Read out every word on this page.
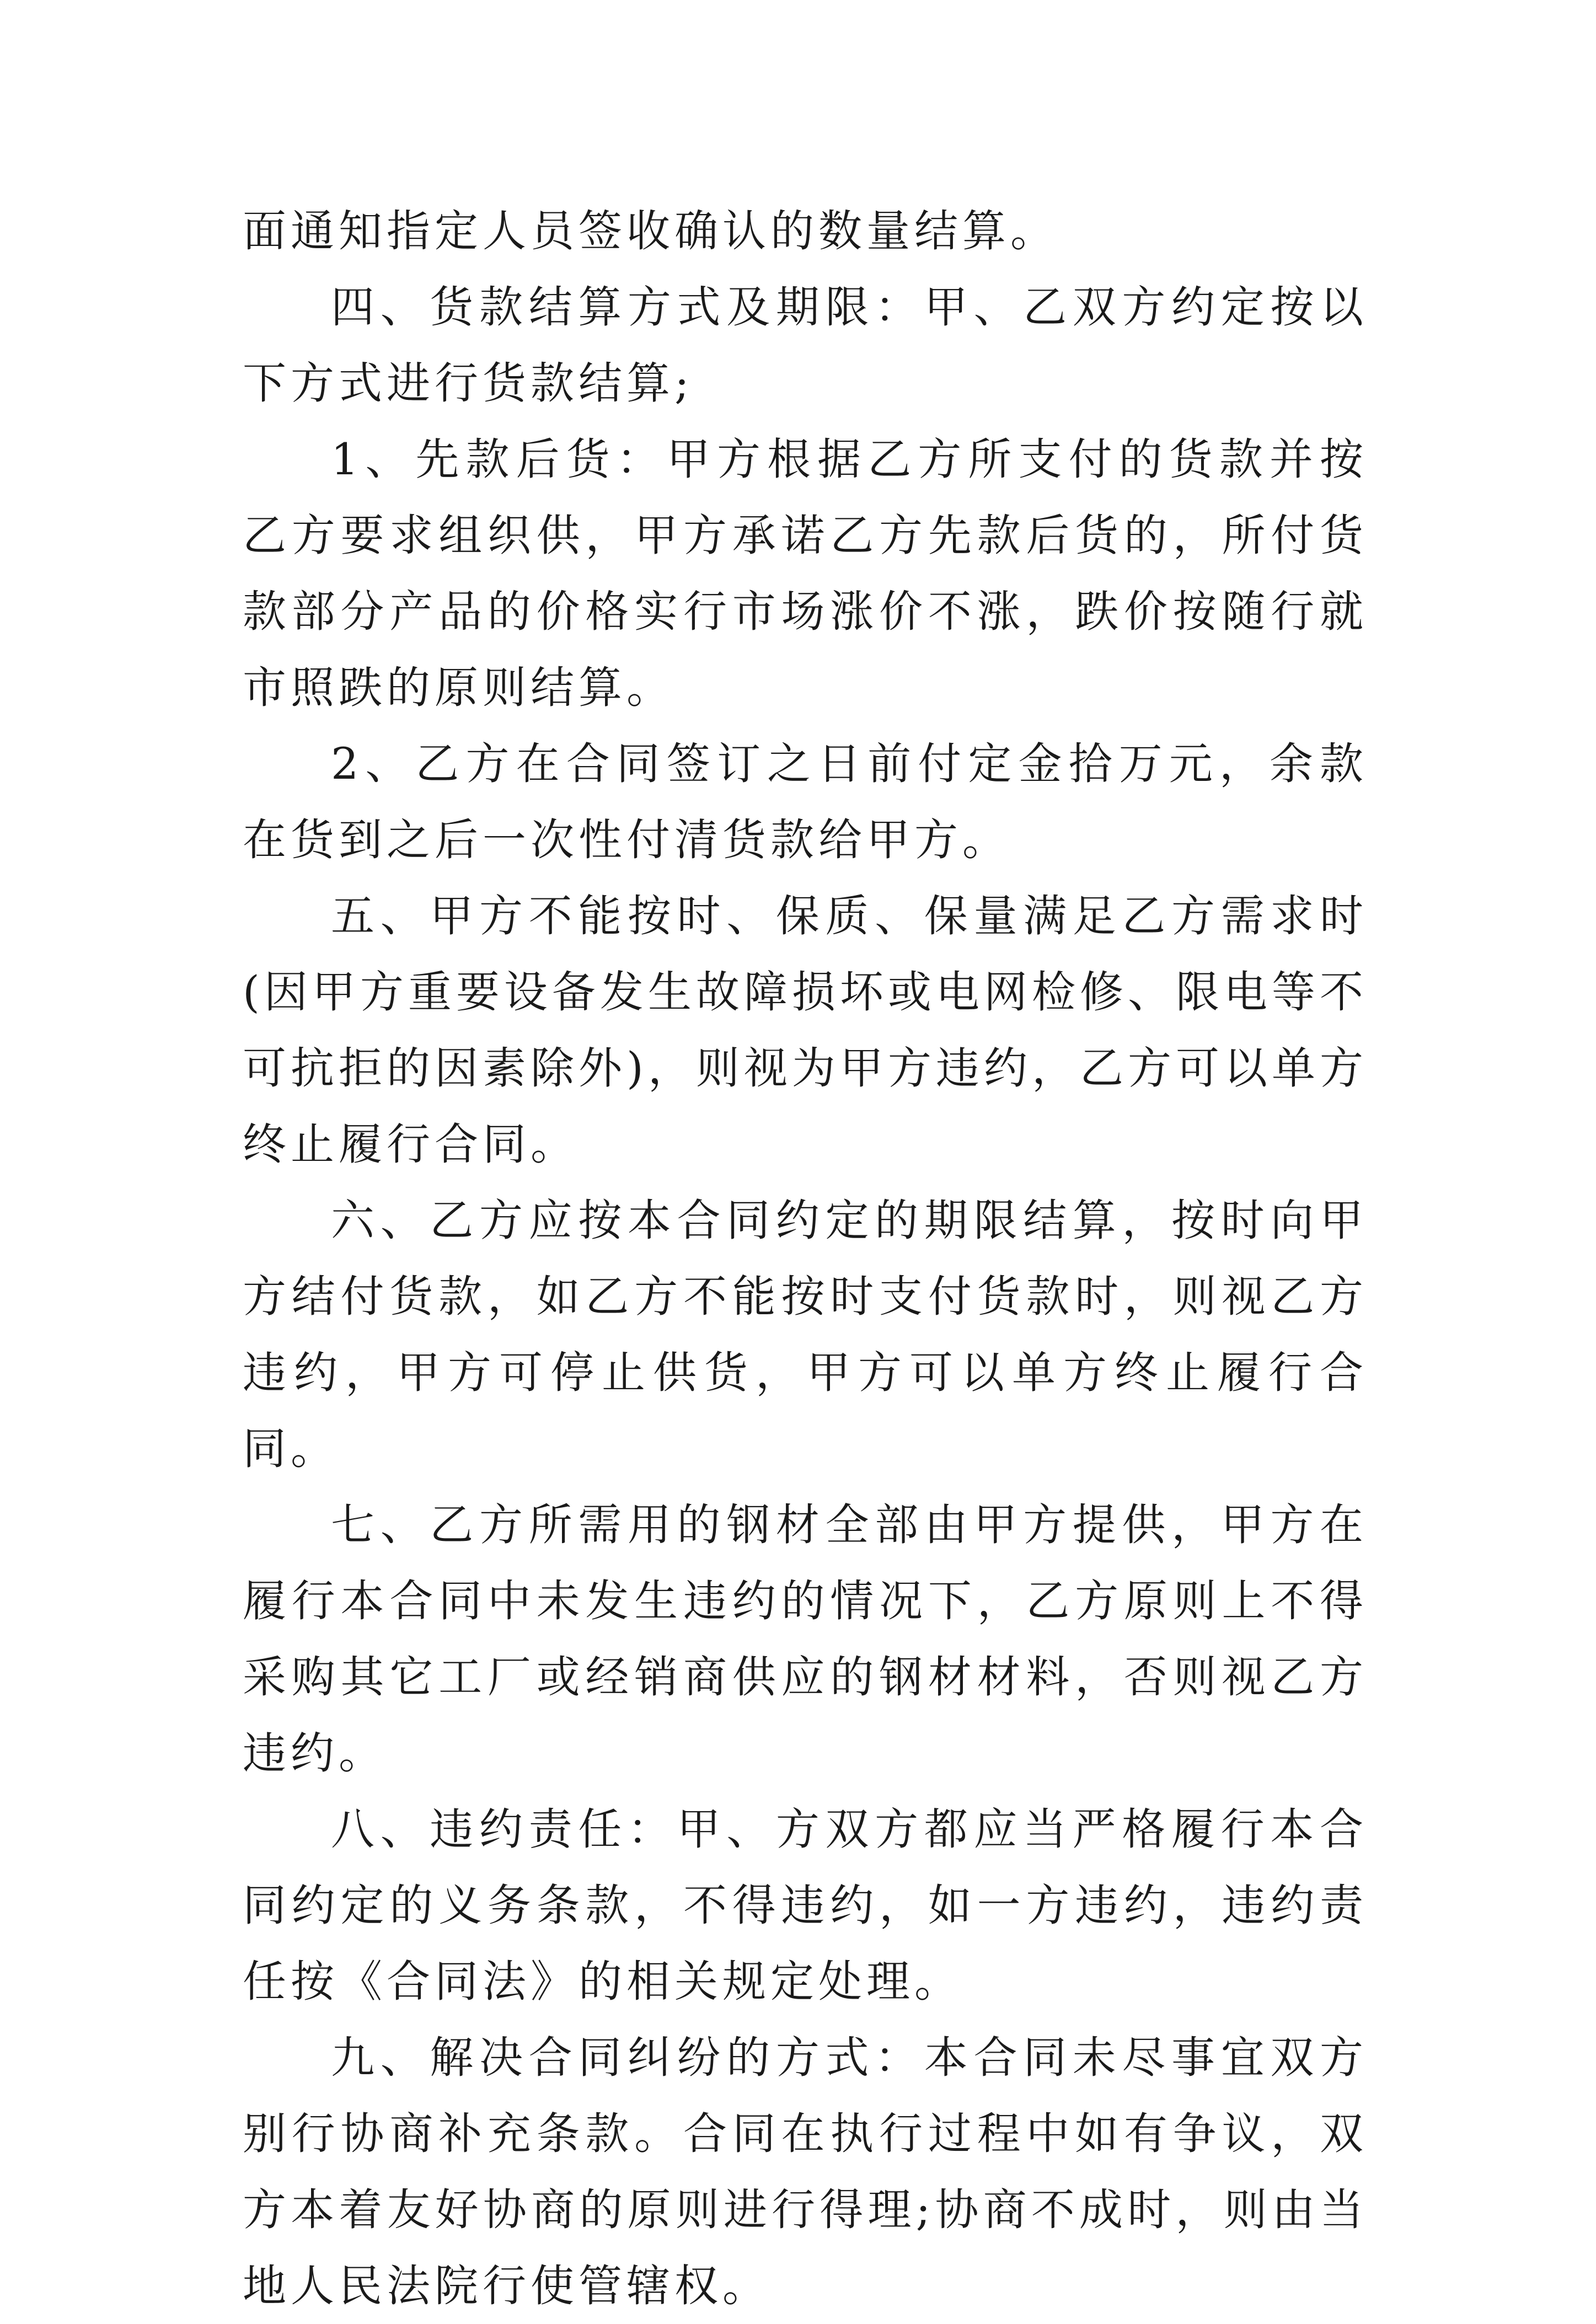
面通知指定人员签收确认的数量结算。

四、货款结算方式及期限：甲、乙双方约定按以下方式进行货款结算;

1、先款后货：甲方根据乙方所支付的货款并按乙方要求组织供，甲方承诺乙方先款后货的，所付货款部分产品的价格实行市场涨价不涨，跌价按随行就市照跌的原则结算。

2、乙方在合同签订之日前付定金拾万元，余款在货到之后一次性付清货款给甲方。

五、甲方不能按时、保质、保量满足乙方需求时(因甲方重要设备发生故障损坏或电网检修、限电等不可抗拒的因素除外)，则视为甲方违约，乙方可以单方终止履行合同。

六、乙方应按本合同约定的期限结算，按时向甲方结付货款，如乙方不能按时支付货款时，则视乙方违约，甲方可停止供货，甲方可以单方终止履行合同。

七、乙方所需用的钢材全部由甲方提供，甲方在履行本合同中未发生违约的情况下，乙方原则上不得采购其它工厂或经销商供应的钢材材料，否则视乙方违约。

八、违约责任：甲、方双方都应当严格履行本合同约定的义务条款，不得违约，如一方违约，违约责任按《合同法》的相关规定处理。

九、解决合同纠纷的方式：本合同未尽事宜双方别行协商补充条款。合同在执行过程中如有争议，双方本着友好协商的原则进行得理;协商不成时，则由当地人民法院行使管辖权。
